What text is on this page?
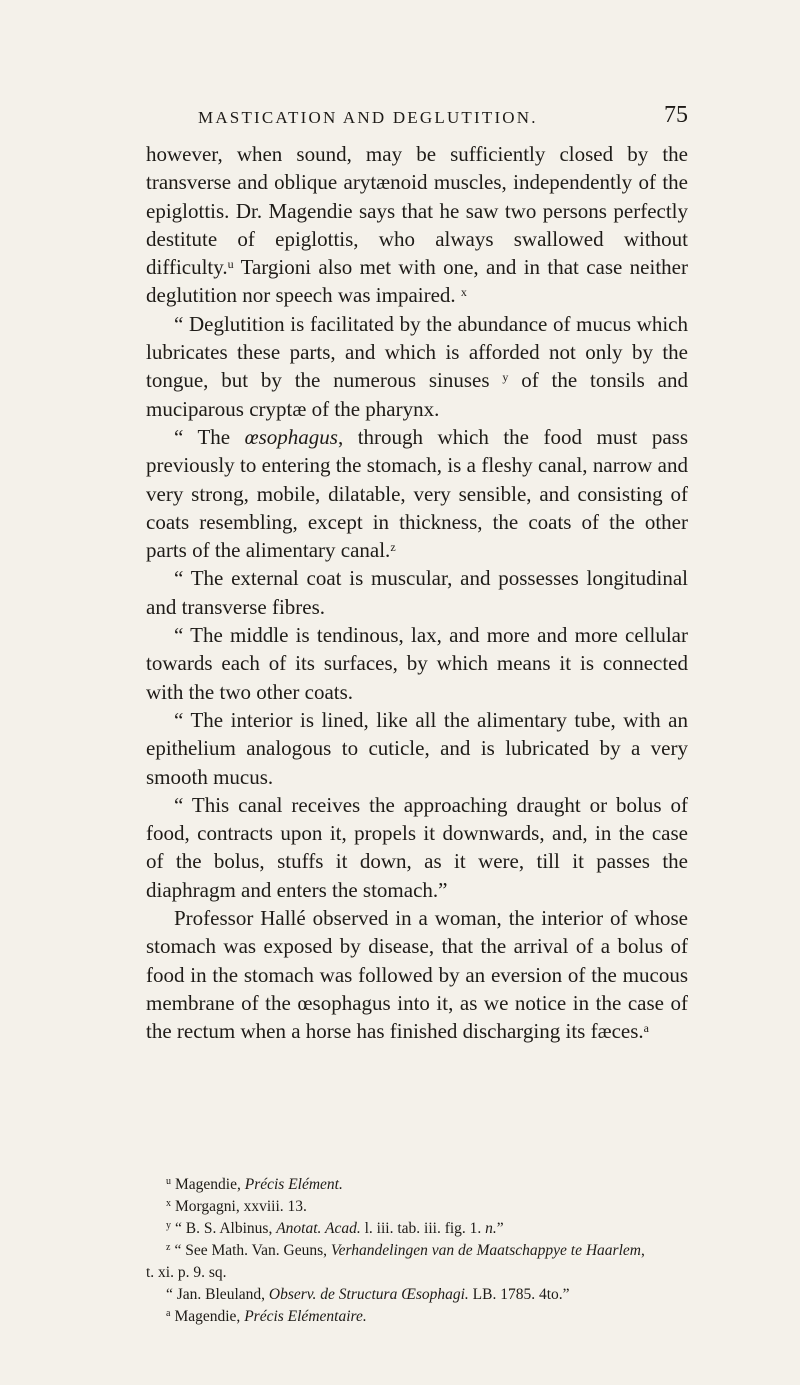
MASTICATION AND DEGLUTITION.	75

however, when sound, may be sufficiently closed by the transverse and oblique arytænoid muscles, independently of the epiglottis. Dr. Magendie says that he saw two persons perfectly destitute of epiglottis, who always swallowed without difficulty.$^u$ Targioni also met with one, and in that case neither deglutition nor speech was impaired. $^x$

“ Deglutition is facilitated by the abundance of mucus which lubricates these parts, and which is afforded not only by the tongue, but by the numerous sinuses $^y$ of the tonsils and muciparous cryptæ of the pharynx.

“ The œsophagus, through which the food must pass previously to entering the stomach, is a fleshy canal, narrow and very strong, mobile, dilatable, very sensible, and consisting of coats resembling, except in thickness, the coats of the other parts of the alimentary canal.$^z$

“ The external coat is muscular, and possesses longitudinal and transverse fibres.

“ The middle is tendinous, lax, and more and more cellular towards each of its surfaces, by which means it is connected with the two other coats.

“ The interior is lined, like all the alimentary tube, with an epithelium analogous to cuticle, and is lubricated by a very smooth mucus.

“ This canal receives the approaching draught or bolus of food, contracts upon it, propels it downwards, and, in the case of the bolus, stuffs it down, as it were, till it passes the diaphragm and enters the stomach.”

Professor Hallé observed in a woman, the interior of whose stomach was exposed by disease, that the arrival of a bolus of food in the stomach was followed by an eversion of the mucous membrane of the œsophagus into it, as we notice in the case of the rectum when a horse has finished discharging its fæces.$^a$

$^u$ Magendie, Précis Elément.

$^x$ Morgagni, xxviii. 13.

$^y$ “ B. S. Albinus, Anotat. Acad. l. iii. tab. iii. fig. 1. n.”

$^z$ “ See Math. Van. Geuns, Verhandelingen van de Maatschappye te Haarlem,

t. xi. p. 9. sq.

“ Jan. Bleuland, Observ. de Structura Œsophagi. LB. 1785. 4to.”

$^a$ Magendie, Précis Elémentaire.
